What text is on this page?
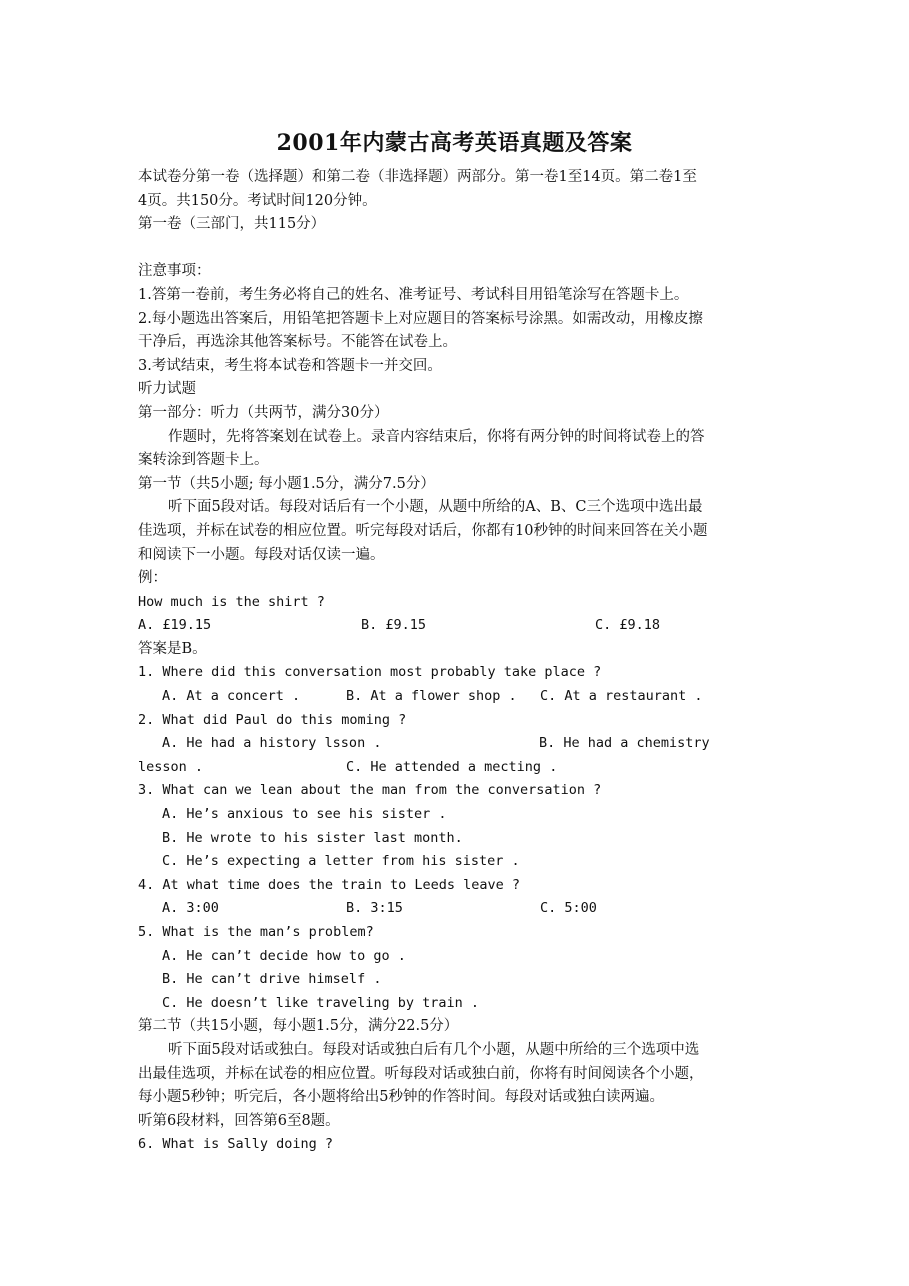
2001年内蒙古高考英语真题及答案
本试卷分第一卷（选择题）和第二卷（非选择题）两部分。第一卷1至14页。第二卷1至
4页。共150分。考试时间120分钟。
第一卷（三部门，共115分）
注意事项：
1.答第一卷前，考生务必将自己的姓名、准考证号、考试科目用铅笔涂写在答题卡上。
2.每小题选出答案后，用铅笔把答题卡上对应题目的答案标号涂黑。如需改动，用橡皮擦
干净后，再选涂其他答案标号。不能答在试卷上。
3.考试结束，考生将本试卷和答题卡一并交回。
听力试题
第一部分：听力（共两节，满分30分）
作题时，先将答案划在试卷上。录音内容结束后，你将有两分钟的时间将试卷上的答
案转涂到答题卡上。
第一节（共5小题; 每小题1.5分，满分7.5分）
听下面5段对话。每段对话后有一个小题，从题中所给的A、B、C三个选项中选出最
佳选项，并标在试卷的相应位置。听完每段对话后，你都有10秒钟的时间来回答在关小题
和阅读下一小题。每段对话仅读一遍。
例：
How much is the shirt ?
A. £19.15	B. £9.15	C. £9.18
答案是B。
1. Where did this conversation most probably take place ?
A. At a concert .	B. At a flower shop . C. At a restaurant .
2. What did Paul do this moming ?
A. He had a history lsson .	B. He had a chemistry
lesson .	C. He attended a mecting .
3. What can we lean about the man from the conversation ?
A. He’s anxious to see his sister .
B. He wrote to his sister last month.
C. He’s expecting a letter from his sister .
4. At what time does the train to Leeds leave ?
A. 3:00	B. 3:15	C. 5:00
5. What is the man’s problem?
A. He can’t decide how to go .
B. He can’t drive himself .
C. He doesn’t like traveling by train .
第二节（共15小题，每小题1.5分，满分22.5分）
听下面5段对话或独白。每段对话或独白后有几个小题，从题中所给的三个选项中选
出最佳选项，并标在试卷的相应位置。听每段对话或独白前，你将有时间阅读各个小题，
每小题5秒钟；听完后，各小题将给出5秒钟的作答时间。每段对话或独白读两遍。
听第6段材料，回答第6至8题。
6. What is Sally doing ?
